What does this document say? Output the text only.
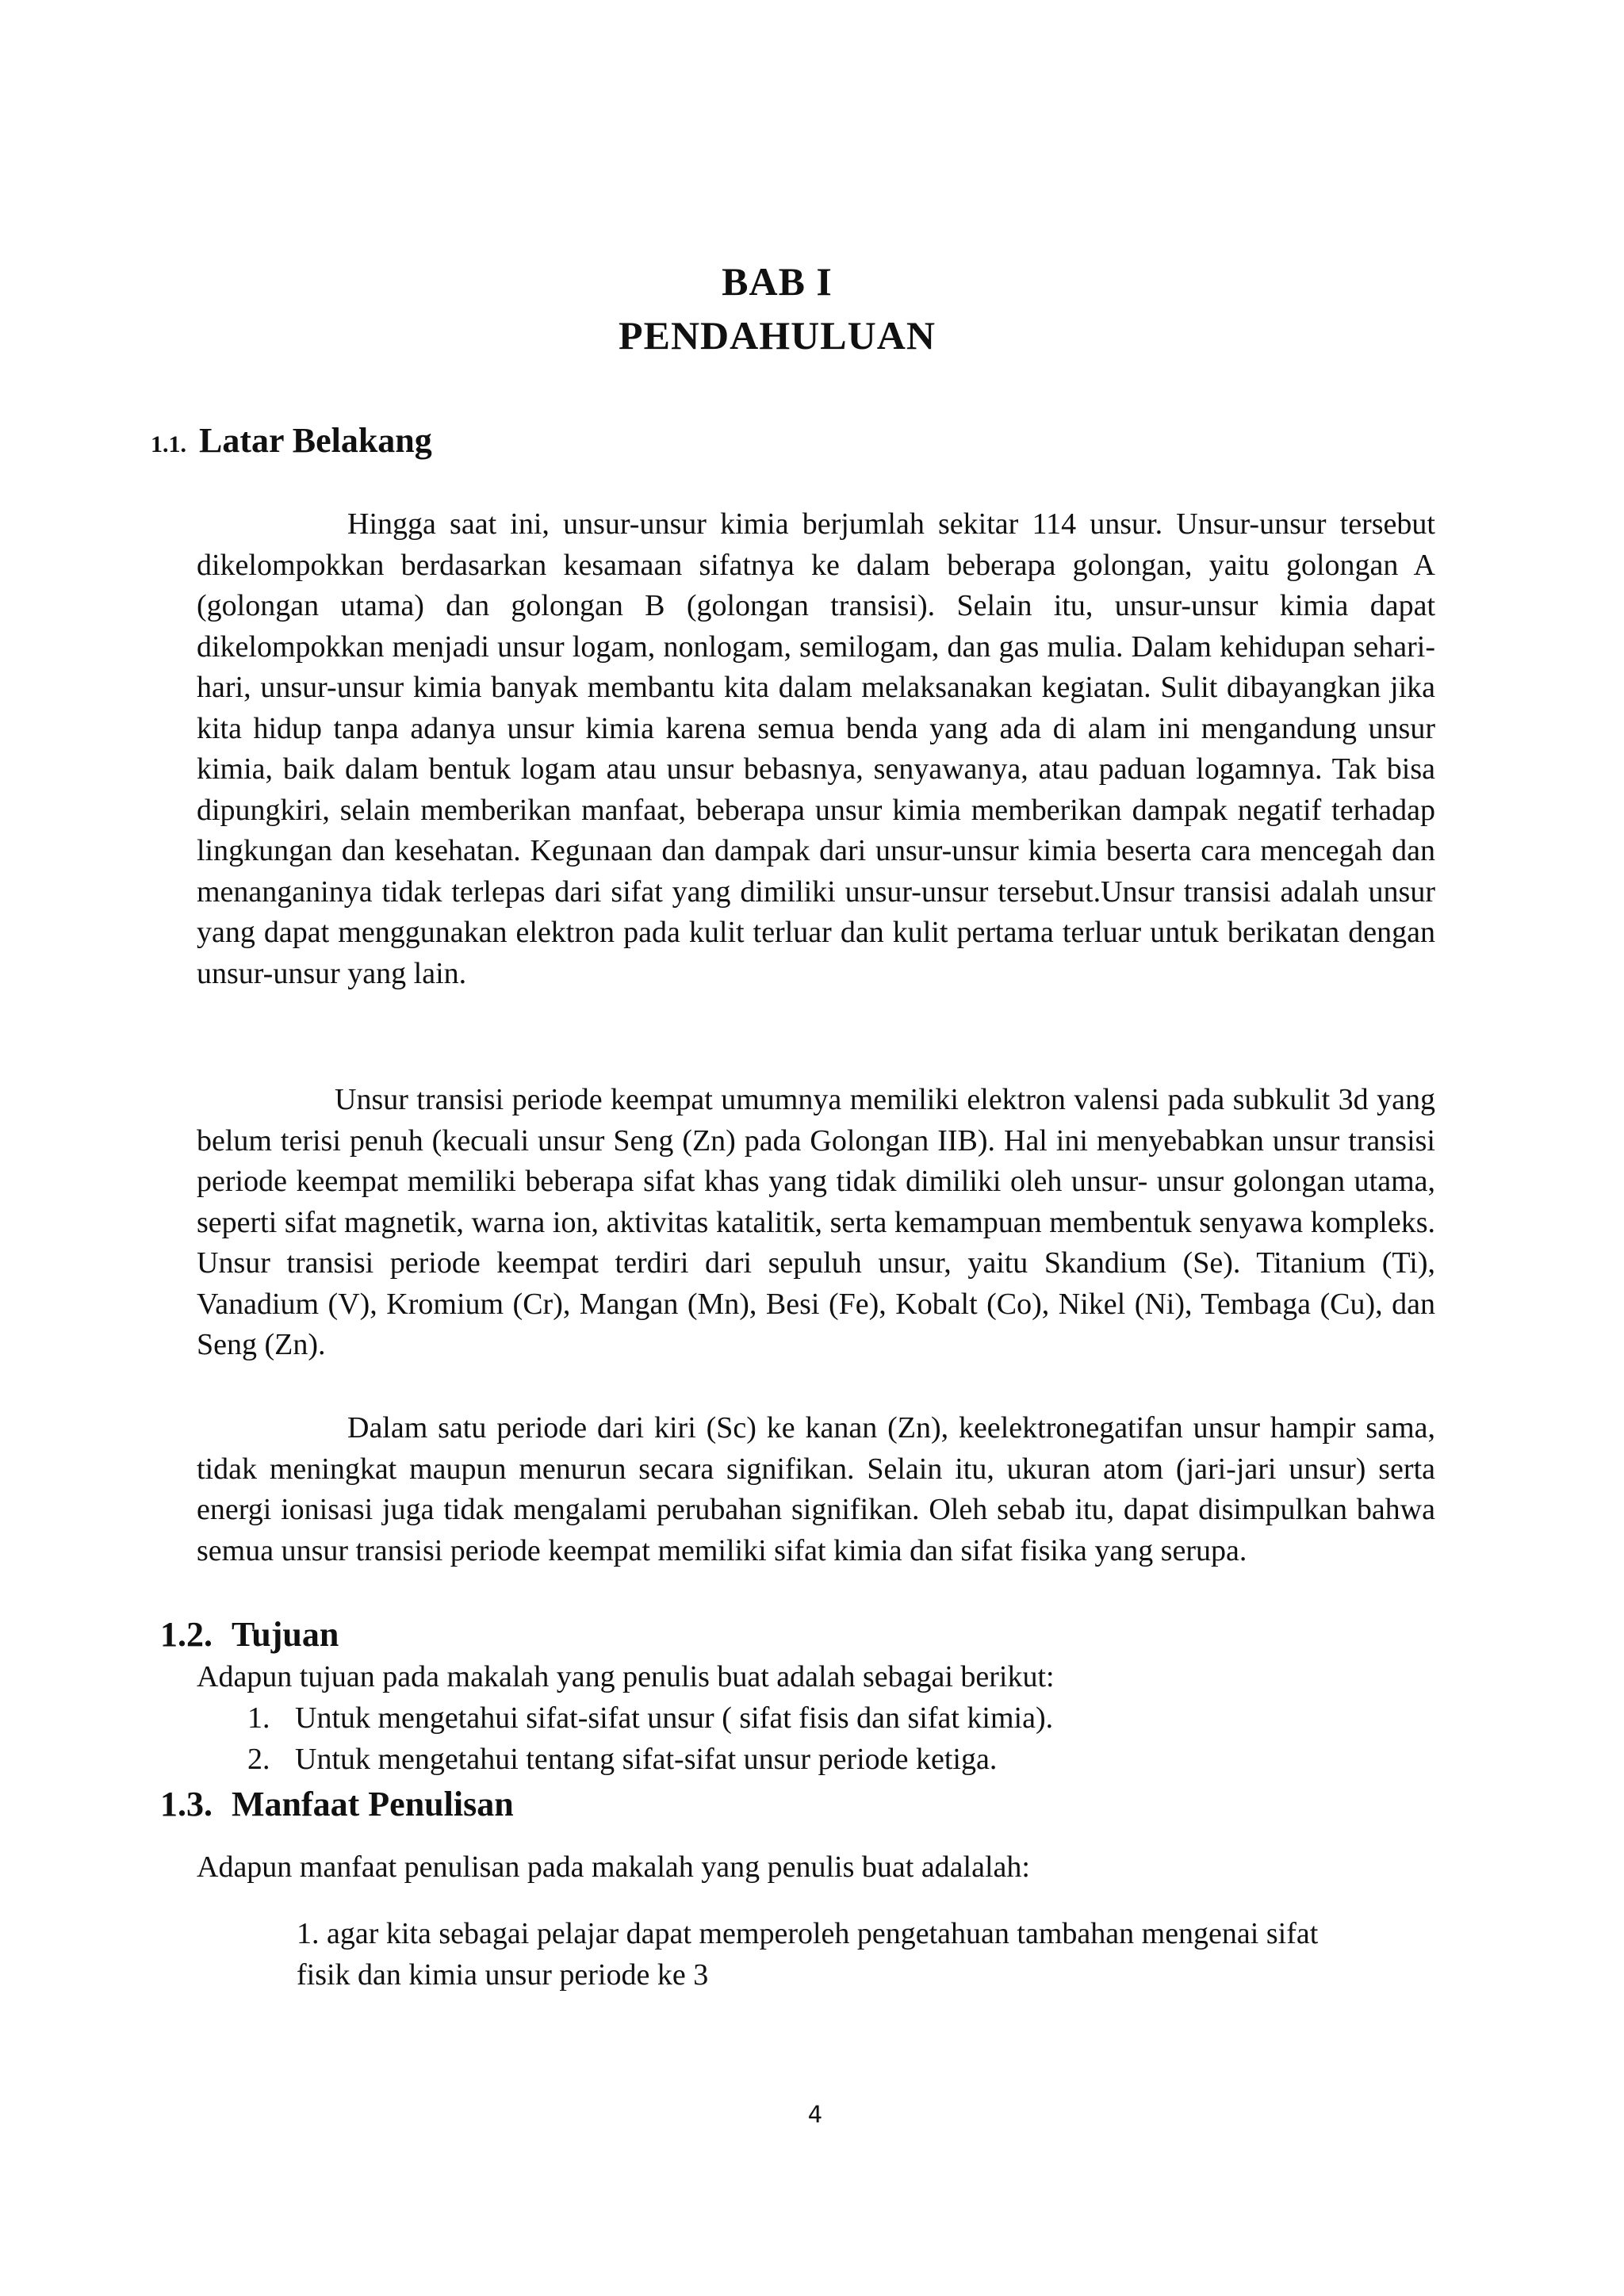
BAB I
PENDAHULUAN
1.1. Latar Belakang

Hingga saat ini, unsur-unsur kimia berjumlah sekitar 114 unsur. Unsur-unsur tersebut dikelompokkan berdasarkan kesamaan sifatnya ke dalam beberapa golongan, yaitu golongan A (golongan utama) dan golongan B (golongan transisi). Selain itu, unsur-unsur kimia dapat dikelompokkan menjadi unsur logam, nonlogam, semilogam, dan gas mulia. Dalam kehidupan sehari-hari, unsur-unsur kimia banyak membantu kita dalam melaksanakan kegiatan. Sulit dibayangkan jika kita hidup tanpa adanya unsur kimia karena semua benda yang ada di alam ini mengandung unsur kimia, baik dalam bentuk logam atau unsur bebasnya, senyawanya, atau paduan logamnya. Tak bisa dipungkiri, selain memberikan manfaat, beberapa unsur kimia memberikan dampak negatif terhadap lingkungan dan kesehatan. Kegunaan dan dampak dari unsur-unsur kimia beserta cara mencegah dan menanganinya tidak terlepas dari sifat yang dimiliki unsur-unsur tersebut.Unsur transisi adalah unsur yang dapat menggunakan elektron pada kulit terluar dan kulit pertama terluar untuk berikatan dengan unsur-unsur yang lain.

Unsur transisi periode keempat umumnya memiliki elektron valensi pada subkulit 3d yang belum terisi penuh (kecuali unsur Seng (Zn) pada Golongan IIB). Hal ini menyebabkan unsur transisi periode keempat memiliki beberapa sifat khas yang tidak dimiliki oleh unsur- unsur golongan utama, seperti sifat magnetik, warna ion, aktivitas katalitik, serta kemampuan membentuk senyawa kompleks. Unsur transisi periode keempat terdiri dari sepuluh unsur, yaitu Skandium (Se). Titanium (Ti), Vanadium (V), Kromium (Cr), Mangan (Mn), Besi (Fe), Kobalt (Co), Nikel (Ni), Tembaga (Cu), dan Seng (Zn).

Dalam satu periode dari kiri (Sc) ke kanan (Zn), keelektronegatifan unsur hampir sama, tidak meningkat maupun menurun secara signifikan. Selain itu, ukuran atom (jari-jari unsur) serta energi ionisasi juga tidak mengalami perubahan signifikan. Oleh sebab itu, dapat disimpulkan bahwa semua unsur transisi periode keempat memiliki sifat kimia dan sifat fisika yang serupa.

1.2. Tujuan
Adapun tujuan pada makalah yang penulis buat adalah sebagai berikut:
1. Untuk mengetahui sifat-sifat unsur ( sifat fisis dan sifat kimia).
2. Untuk mengetahui tentang sifat-sifat unsur periode ketiga.
1.3. Manfaat Penulisan
Adapun manfaat penulisan pada makalah yang penulis buat adalalah:
1. agar kita sebagai pelajar dapat memperoleh pengetahuan tambahan mengenai sifat
fisik dan kimia unsur periode ke 3
4
